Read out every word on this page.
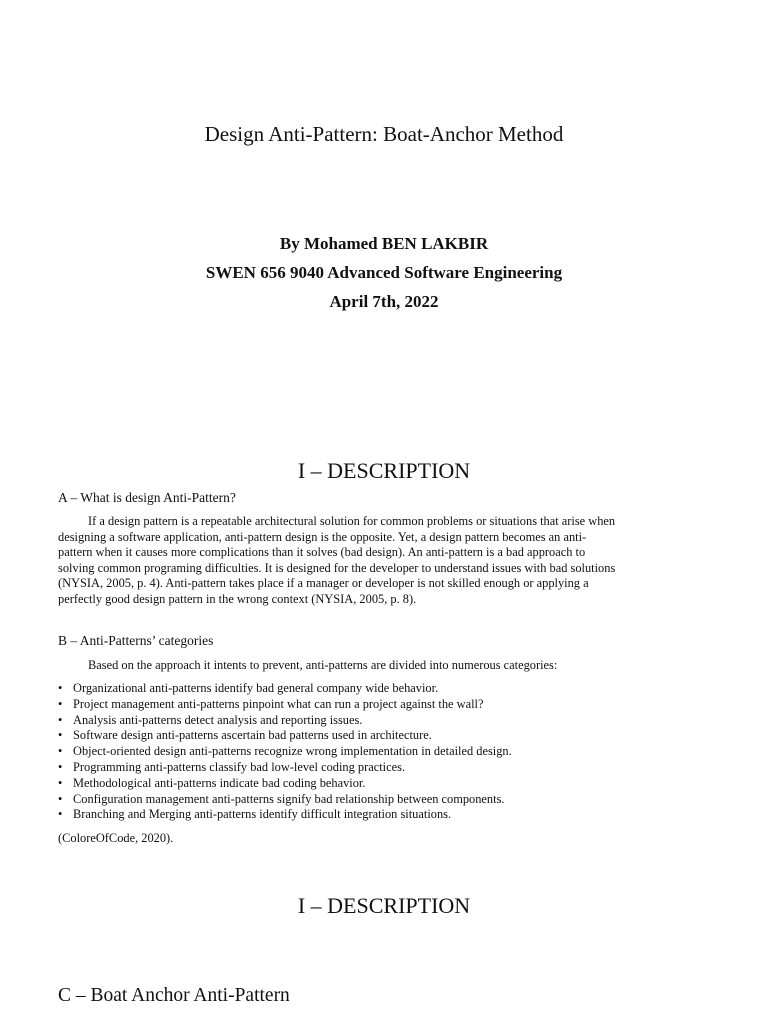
Design Anti-Pattern: Boat-Anchor Method
By Mohamed BEN LAKBIR
SWEN 656 9040 Advanced Software Engineering
April 7th, 2022
I – DESCRIPTION
A – What is design Anti-Pattern?
If a design pattern is a repeatable architectural solution for common problems or situations that arise when
designing a software application, anti-pattern design is the opposite. Yet, a design pattern becomes an anti-
pattern when it causes more complications than it solves (bad design). An anti-pattern is a bad approach to
solving common programing difficulties. It is designed for the developer to understand issues with bad solutions
(NYSIA, 2005, p. 4). Anti-pattern takes place if a manager or developer is not skilled enough or applying a
perfectly good design pattern in the wrong context (NYSIA, 2005, p. 8).
B – Anti-Patterns’ categories
Based on the approach it intents to prevent, anti-patterns are divided into numerous categories:
• Organizational anti-patterns identify bad general company wide behavior.
• Project management anti-patterns pinpoint what can run a project against the wall?
• Analysis anti-patterns detect analysis and reporting issues.
• Software design anti-patterns ascertain bad patterns used in architecture.
• Object-oriented design anti-patterns recognize wrong implementation in detailed design.
• Programming anti-patterns classify bad low-level coding practices.
• Methodological anti-patterns indicate bad coding behavior.
• Configuration management anti-patterns signify bad relationship between components.
• Branching and Merging anti-patterns identify difficult integration situations.
(ColoreOfCode, 2020).
I – DESCRIPTION
C – Boat Anchor Anti-Pattern
